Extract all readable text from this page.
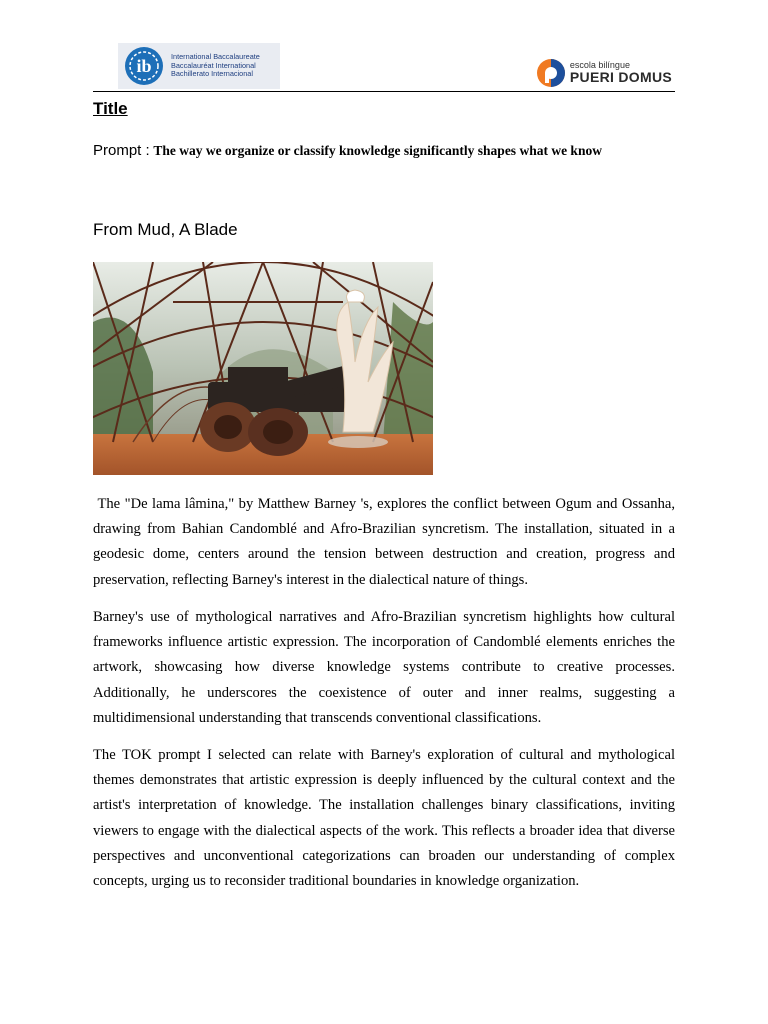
ib	International Baccalaureate
Baccalauréat International
Bachillerato Internacional
escola bilíngue
PUERI DOMUS
Title
Prompt : The way we organize or classify knowledge significantly shapes what we know
From Mud, A Blade
The "De lama lâmina," by Matthew Barney 's, explores the conflict between Ogum and Ossanha, drawing from Bahian Candomblé and Afro-Brazilian syncretism. The installation, situated in a geodesic dome, centers around the tension between destruction and creation, progress and preservation, reflecting Barney's interest in the dialectical nature of things.
Barney's use of mythological narratives and Afro-Brazilian syncretism highlights how cultural frameworks influence artistic expression. The incorporation of Candomblé elements enriches the artwork, showcasing how diverse knowledge systems contribute to creative processes. Additionally, he underscores the coexistence of outer and inner realms, suggesting a multidimensional understanding that transcends conventional classifications.
The TOK prompt I selected can relate with Barney's exploration of cultural and mythological themes demonstrates that artistic expression is deeply influenced by the cultural context and the artist's interpretation of knowledge. The installation challenges binary classifications, inviting viewers to engage with the dialectical aspects of the work. This reflects a broader idea that diverse perspectives and unconventional categorizations can broaden our understanding of complex concepts, urging us to reconsider traditional boundaries in knowledge organization.
